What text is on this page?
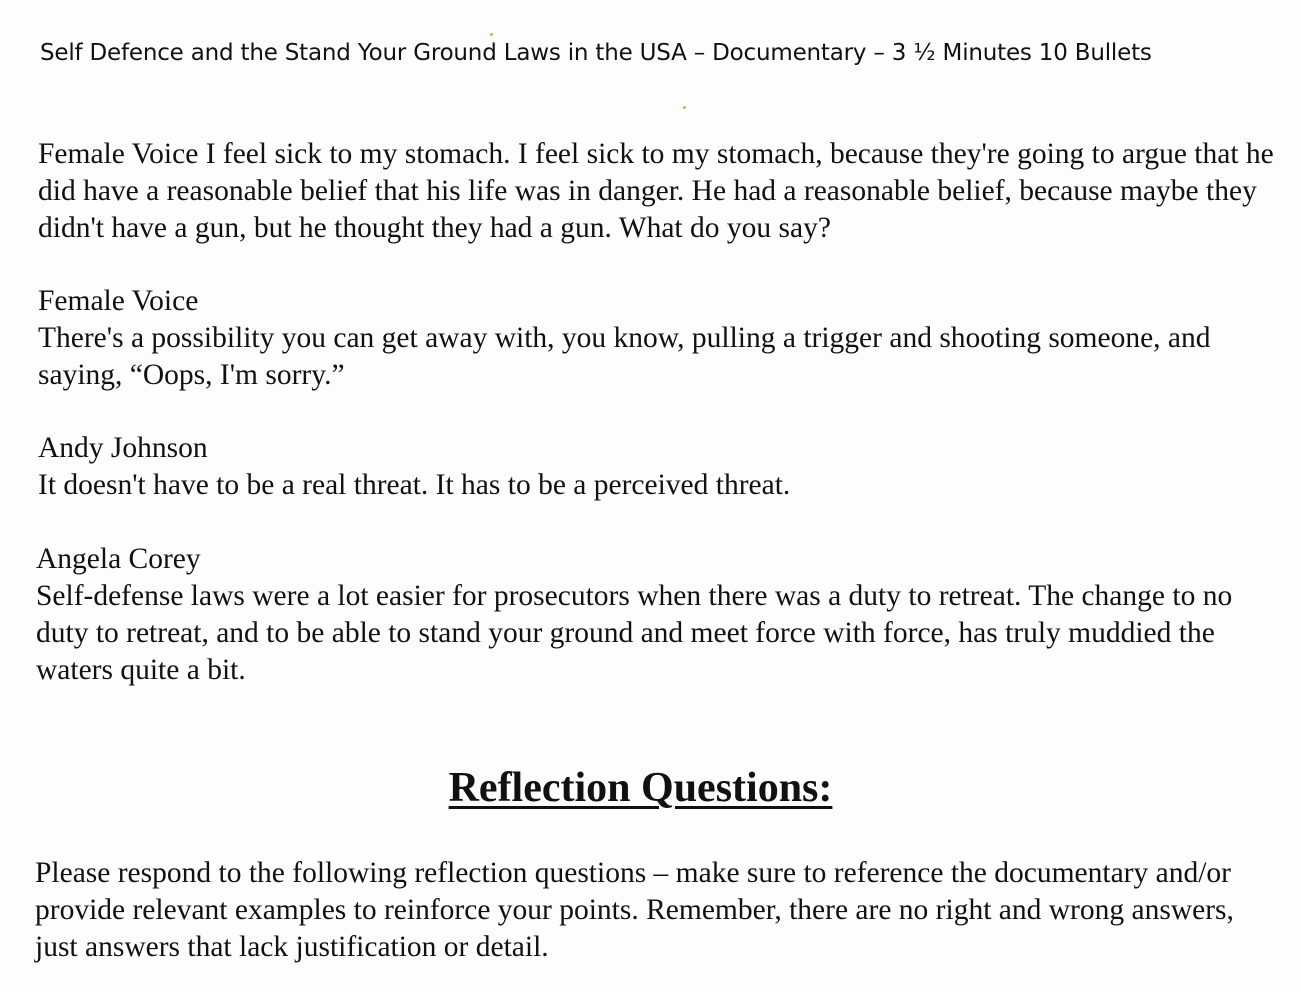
Self Defence and the Stand Your Ground Laws in the USA – Documentary – 3 ½ Minutes 10 Bullets
Female Voice I feel sick to my stomach. I feel sick to my stomach, because they're going to argue that he did have a reasonable belief that his life was in danger. He had a reasonable belief, because maybe they didn't have a gun, but he thought they had a gun. What do you say?
Female Voice
There's a possibility you can get away with, you know, pulling a trigger and shooting someone, and saying, “Oops, I'm sorry.”
Andy Johnson
It doesn't have to be a real threat. It has to be a perceived threat.
Angela Corey
Self-defense laws were a lot easier for prosecutors when there was a duty to retreat. The change to no duty to retreat, and to be able to stand your ground and meet force with force, has truly muddied the waters quite a bit.
Reflection Questions:
Please respond to the following reflection questions – make sure to reference the documentary and/or provide relevant examples to reinforce your points. Remember, there are no right and wrong answers, just answers that lack justification or detail.
